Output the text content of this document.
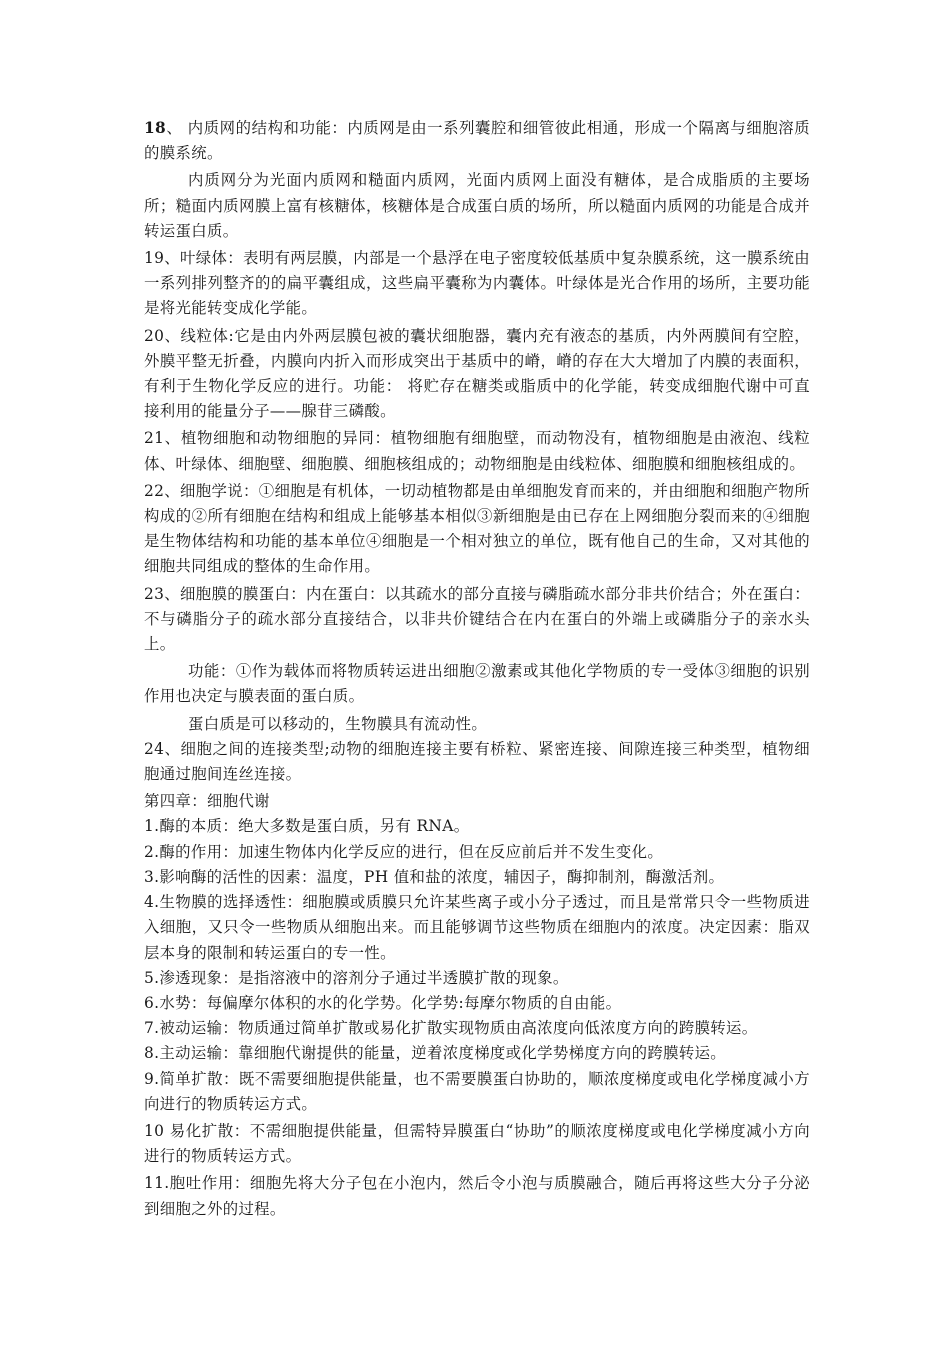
18、 内质网的结构和功能：内质网是由一系列囊腔和细管彼此相通，形成一个隔离与细胞溶质的膜系统。

内质网分为光面内质网和糙面内质网，光面内质网上面没有糖体，是合成脂质的主要场所；糙面内质网膜上富有核糖体，核糖体是合成蛋白质的场所，所以糙面内质网的功能是合成并转运蛋白质。

19、叶绿体：表明有两层膜，内部是一个悬浮在电子密度较低基质中复杂膜系统，这一膜系统由一系列排列整齐的的扁平囊组成，这些扁平囊称为内囊体。叶绿体是光合作用的场所，主要功能是将光能转变成化学能。

20、线粒体:它是由内外两层膜包被的囊状细胞器，囊内充有液态的基质，内外两膜间有空腔，外膜平整无折叠，内膜向内折入而形成突出于基质中的嵴，嵴的存在大大增加了内膜的表面积，有利于生物化学反应的进行。功能： 将贮存在糖类或脂质中的化学能，转变成细胞代谢中可直接利用的能量分子——腺苷三磷酸。

21、植物细胞和动物细胞的异同：植物细胞有细胞壁，而动物没有，植物细胞是由液泡、线粒体、叶绿体、细胞壁、细胞膜、细胞核组成的；动物细胞是由线粒体、细胞膜和细胞核组成的。

22、细胞学说：①细胞是有机体，一切动植物都是由单细胞发育而来的，并由细胞和细胞产物所构成的②所有细胞在结构和组成上能够基本相似③新细胞是由已存在上网细胞分裂而来的④细胞是生物体结构和功能的基本单位④细胞是一个相对独立的单位，既有他自己的生命，又对其他的细胞共同组成的整体的生命作用。

23、细胞膜的膜蛋白：内在蛋白：以其疏水的部分直接与磷脂疏水部分非共价结合；外在蛋白：不与磷脂分子的疏水部分直接结合，以非共价键结合在内在蛋白的外端上或磷脂分子的亲水头上。

功能：①作为载体而将物质转运进出细胞②激素或其他化学物质的专一受体③细胞的识别作用也决定与膜表面的蛋白质。

蛋白质是可以移动的，生物膜具有流动性。

24、细胞之间的连接类型;动物的细胞连接主要有桥粒、紧密连接、间隙连接三种类型，植物细胞通过胞间连丝连接。

第四章：细胞代谢

1.酶的本质：绝大多数是蛋白质，另有 RNA。

2.酶的作用：加速生物体内化学反应的进行，但在反应前后并不发生变化。

3.影响酶的活性的因素：温度，PH 值和盐的浓度，辅因子，酶抑制剂，酶激活剂。

4.生物膜的选择透性：细胞膜或质膜只允许某些离子或小分子透过，而且是常常只令一些物质进入细胞，又只令一些物质从细胞出来。而且能够调节这些物质在细胞内的浓度。决定因素：脂双层本身的限制和转运蛋白的专一性。

5.渗透现象：是指溶液中的溶剂分子通过半透膜扩散的现象。

6.水势：每偏摩尔体积的水的化学势。化学势:每摩尔物质的自由能。

7.被动运输：物质通过简单扩散或易化扩散实现物质由高浓度向低浓度方向的跨膜转运。

8.主动运输：靠细胞代谢提供的能量，逆着浓度梯度或化学势梯度方向的跨膜转运。

9.简单扩散：既不需要细胞提供能量，也不需要膜蛋白协助的，顺浓度梯度或电化学梯度减小方向进行的物质转运方式。

10 易化扩散：不需细胞提供能量，但需特异膜蛋白“协助”的顺浓度梯度或电化学梯度减小方向进行的物质转运方式。

11.胞吐作用：细胞先将大分子包在小泡内，然后令小泡与质膜融合，随后再将这些大分子分泌到细胞之外的过程。
